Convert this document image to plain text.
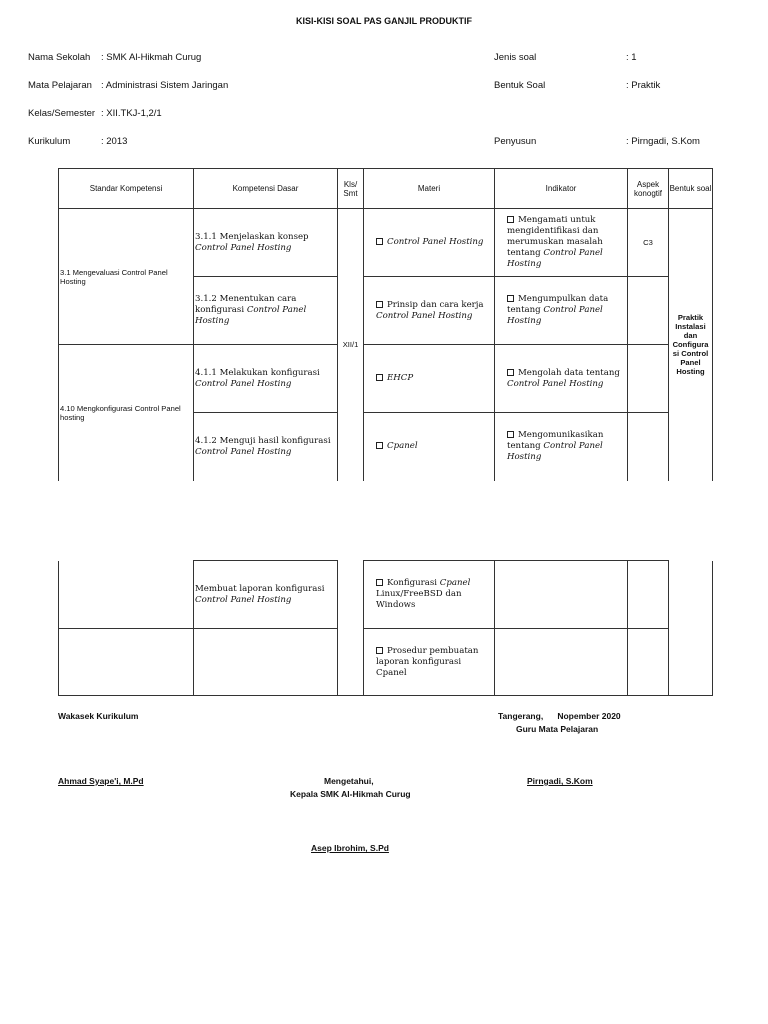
KISI-KISI SOAL PAS GANJIL PRODUKTIF
Nama Sekolah : SMK Al-Hikmah Curug
Mata Pelajaran : Administrasi Sistem Jaringan
Kelas/Semester : XII.TKJ-1,2/1
Kurikulum	: 2013
Jenis soal	: 1
Bentuk Soal	: Praktik
Penyusun	: Pirngadi, S.Kom
Standar Kompetensi	Kompetensi Dasar	Kls/ Smt	Materi	Indikator	Aspek konogtif	Bentuk soal
3.1 Mengevaluasi Control Panel Hosting	3.1.1 Menjelaskan konsep Control Panel Hosting	XII/1	Control Panel Hosting	Mengamati untuk mengidentifikasi dan merumuskan masalah tentang Control Panel Hosting	C3	Praktik Instalasi dan Configura si Control Panel Hosting
	3.1.2 Menentukan cara konfigurasi Control Panel Hosting		Prinsip dan cara kerja Control Panel Hosting	Mengumpulkan data tentang Control Panel Hosting		
4.10 Mengkonfigurasi Control Panel hosting	4.1.1 Melakukan konfigurasi Control Panel Hosting		EHCP	Mengolah data tentang Control Panel Hosting		
	4.1.2 Menguji hasil konfigurasi Control Panel Hosting		Cpanel	Mengomunikasikan tentang Control Panel Hosting		
	Membuat laporan konfigurasi Control Panel Hosting		Konfigurasi Cpanel Linux/FreeBSD dan Windows			
			Prosedur pembuatan laporan konfigurasi Cpanel			
Wakasek Kurikulum	Tangerang,      Nopember 2020
Guru Mata Pelajaran
Ahmad Syape'i, M.Pd	Mengetahui,	Pirngadi, S.Kom
Kepala SMK Al-Hikmah Curug
Asep Ibrohim, S.Pd
